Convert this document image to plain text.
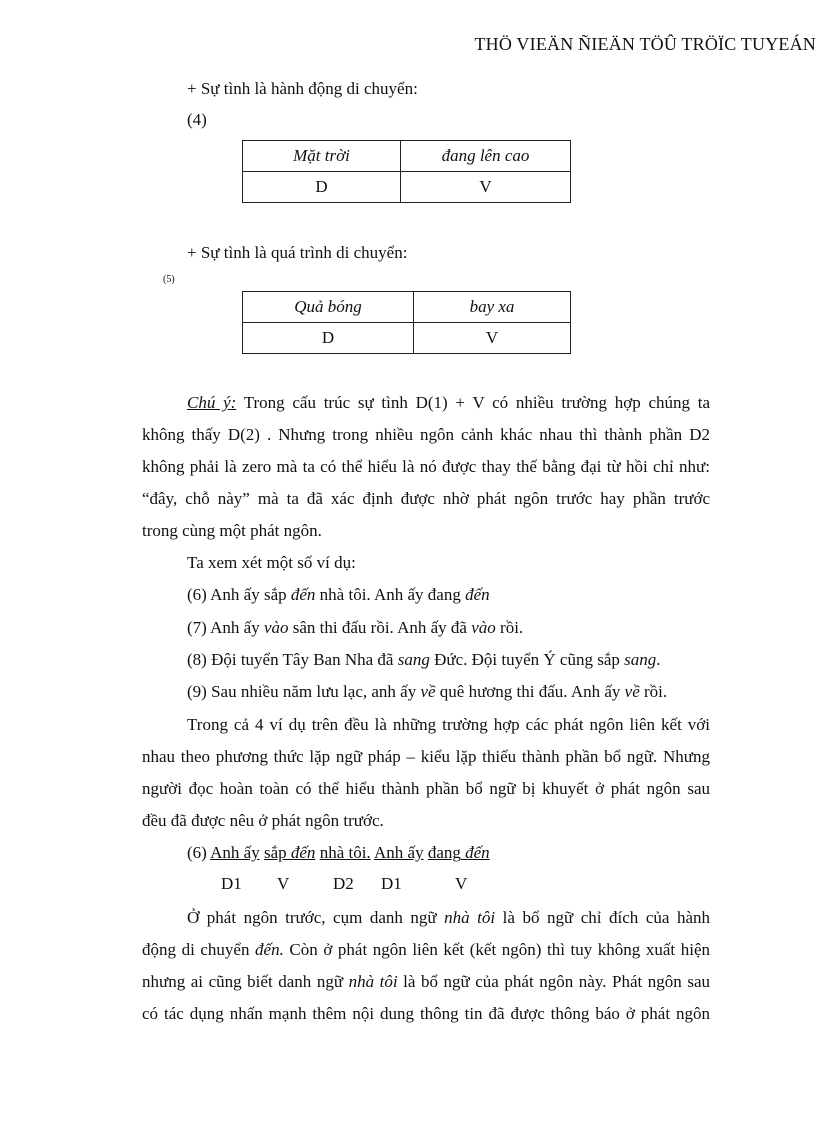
THÖ VIEÄN ÑIEÄN TÖÛ TRÖÏC TUYEÁN
+ Sự tình là hành động di chuyển:
(4)
Mặt trời	đang lên cao
D	V
+ Sự tình là quá trình di chuyển:
(5)
Quả bóng	bay xa
D	V
Chú ý: Trong cấu trúc sự tình D(1) + V có nhiều trường hợp chúng ta
không thấy D(2) . Nhưng trong nhiều ngôn cảnh khác nhau thì thành phần D2
không phải là zero mà ta có thể hiểu là nó được thay thế bằng đại từ hồi chỉ như:
“đây, chỗ này” mà ta đã xác định được nhờ phát ngôn trước hay phần trước
trong cùng một phát ngôn.
Ta xem xét một số ví dụ:
(6) Anh ấy sắp đến nhà tôi. Anh ấy đang đến
(7) Anh ấy vào sân thi đấu rồi. Anh ấy đã vào rồi.
(8) Đội tuyển Tây Ban Nha đã sang Đức. Đội tuyển Ý cũng sắp sang.
(9) Sau nhiều năm lưu lạc, anh ấy về quê hương thi đấu. Anh ấy về rồi.
Trong cả 4 ví dụ trên đều là những trường hợp các phát ngôn liên kết với
nhau theo phương thức lặp ngữ pháp – kiểu lặp thiếu thành phần bổ ngữ. Nhưng
người đọc hoàn toàn có thể hiểu thành phần bổ ngữ bị khuyết ở phát ngôn sau
đều đã được nêu ở phát ngôn trước.
(6) Anh ấy sắp đến nhà tôi. Anh ấy đang đến
D1 V	D2 D1	V
Ở phát ngôn trước, cụm danh ngữ nhà tôi là bổ ngữ chỉ đích của hành
động di chuyển đến. Còn ở phát ngôn liên kết (kết ngôn) thì tuy không xuất hiện
nhưng ai cũng biết danh ngữ nhà tôi là bổ ngữ của phát ngôn này. Phát ngôn sau
có tác dụng nhấn mạnh thêm nội dung thông tin đã được thông báo ở phát ngôn
